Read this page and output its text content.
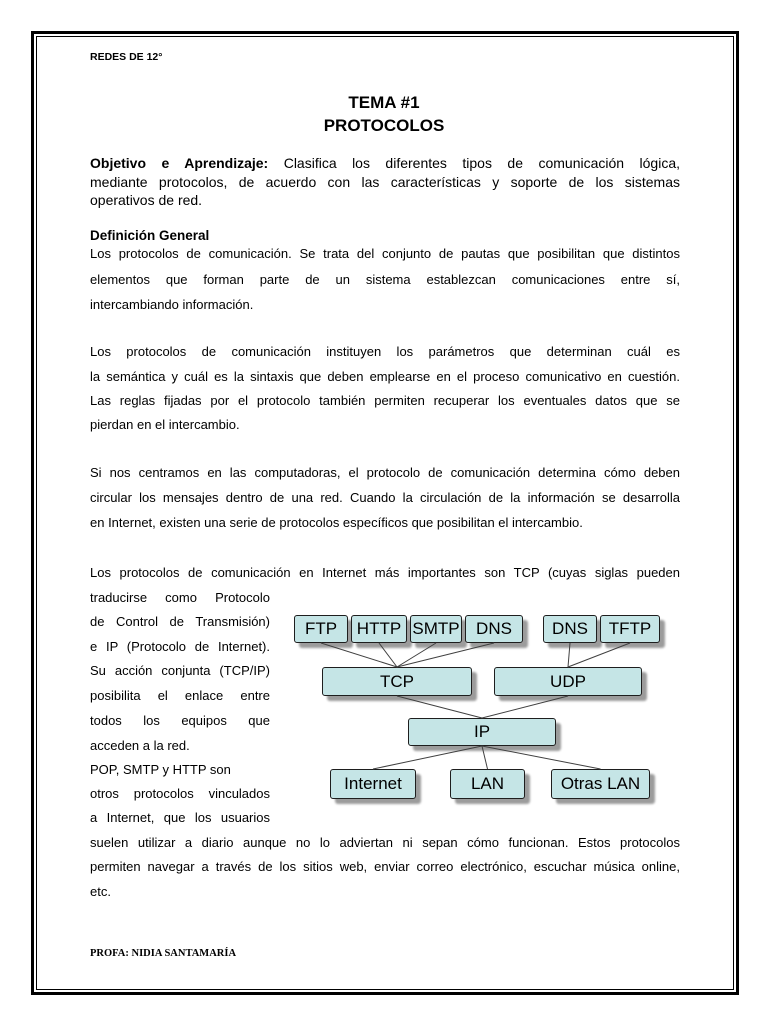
REDES DE 12°
TEMA #1
PROTOCOLOS
Objetivo e Aprendizaje: Clasifica los diferentes tipos de comunicación lógica,
mediante protocolos, de acuerdo con las características y soporte de los sistemas
operativos de red.
Definición General
Los protocolos de comunicación. Se trata del conjunto de pautas que posibilitan que distintos
elementos que forman parte de un sistema establezcan comunicaciones entre sí,
intercambiando información.
Los protocolos de comunicación instituyen los parámetros que determinan cuál es
la semántica y cuál es la sintaxis que deben emplearse en el proceso comunicativo en cuestión.
Las reglas fijadas por el protocolo también permiten recuperar los eventuales datos que se
pierdan en el intercambio.
Si nos centramos en las computadoras, el protocolo de comunicación determina cómo deben
circular los mensajes dentro de una red. Cuando la circulación de la información se desarrolla
en Internet, existen una serie de protocolos específicos que posibilitan el intercambio.
Los protocolos de comunicación en Internet más importantes son TCP (cuyas siglas pueden
traducirse como Protocolo
de Control de Transmisión)
e IP (Protocolo de Internet).
Su acción conjunta (TCP/IP)
posibilita el enlace entre
todos los equipos que
acceden a la red.
POP, SMTP y HTTP son
otros protocolos vinculados
a Internet, que los usuarios
suelen utilizar a diario aunque no lo adviertan ni sepan cómo funcionan. Estos protocolos
permiten navegar a través de los sitios web, enviar correo electrónico, escuchar música online,
etc.
FTP	HTTP SMTP DNS	DNS	TFTP
TCP	UDP
IP
Internet	LAN	Otras LAN
PROFA: NIDIA SANTAMARÍA
